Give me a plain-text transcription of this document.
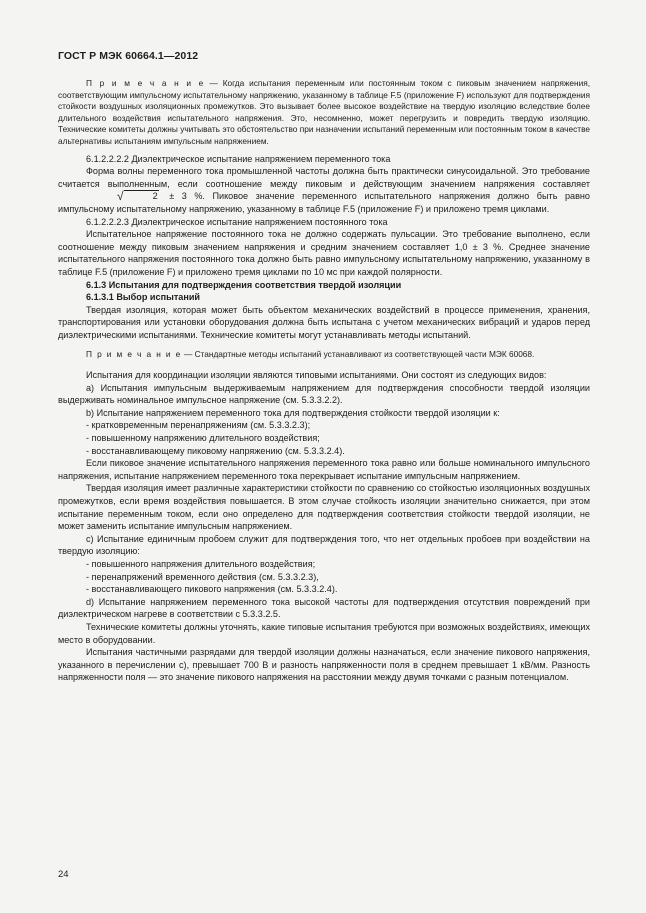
ГОСТ Р МЭК 60664.1—2012

П р и м е ч а н и е — Когда испытания переменным или постоянным током с пиковым значением напряжения, соответствующим импульсному испытательному напряжению, указанному в таблице F.5 (приложение F) используют для подтверждения стойкости воздушных изоляционных промежутков. Это вызывает более высокое воздействие на твердую изоляцию вследствие более длительного воздействия испытательного напряжения. Это, несомненно, может перегрузить и повредить твердую изоляцию. Технические комитеты должны учитывать это обстоятельство при назначении испытаний переменным или постоянным током в качестве альтернативы испытаниям импульсным напряжением.

6.1.2.2.2.2 Диэлектрическое испытание напряжением переменного тока

Форма волны переменного тока промышленной частоты должна быть практически синусоидальной. Это требование считается выполненным, если соотношение между пиковым и действующим значением напряжения составляет √	2 ± 3 %. Пиковое значение переменного испытательного напряжения должно быть равно импульсному испытательному напряжению, указанному в таблице F.5 (приложение F) и приложено тремя циклами.

6.1.2.2.2.3 Диэлектрическое испытание напряжением постоянного тока

Испытательное напряжение постоянного тока не должно содержать пульсации. Это требование выполнено, если соотношение между пиковым значением напряжения и средним значением составляет 1,0 ± 3 %. Среднее значение испытательного напряжения постоянного тока должно быть равно импульсному испытательному напряжению, указанному в таблице F.5 (приложение F) и приложено тремя циклами по 10 мс при каждой полярности.

6.1.3 Испытания для подтверждения соответствия твердой изоляции

6.1.3.1 Выбор испытаний

Твердая изоляция, которая может быть объектом механических воздействий в процессе применения, хранения, транспортирования или установки оборудования должна быть испытана с учетом механических вибраций и ударов перед диэлектрическими испытаниями. Технические комитеты могут устанавливать методы испытаний.

П р и м е ч а н и е — Стандартные методы испытаний устанавливают из соответствующей части МЭК 60068.

Испытания для координации изоляции являются типовыми испытаниями. Они состоят из следующих видов:

a) Испытания импульсным выдерживаемым напряжением для подтверждения способности твердой изоляции выдерживать номинальное импульсное напряжение (см. 5.3.3.2.2).

b) Испытание напряжением переменного тока для подтверждения стойкости твердой изоляции к:

- кратковременным перенапряжениям (см. 5.3.3.2.3);

- повышенному напряжению длительного воздействия;

- восстанавливающему пиковому напряжению (см. 5.3.3.2.4).

Если пиковое значение испытательного напряжения переменного тока равно или больше номинального импульсного напряжения, испытание напряжением переменного тока перекрывает испытание импульсным напряжением.

Твердая изоляция имеет различные характеристики стойкости по сравнению со стойкостью изоляционных воздушных промежутков, если время воздействия повышается. В этом случае стойкость изоляции значительно снижается, при этом испытание переменным током, если оно определено для подтверждения соответствия стойкости твердой изоляции, не может заменить испытание импульсным напряжением.

c) Испытание единичным пробоем служит для подтверждения того, что нет отдельных пробоев при воздействии на твердую изоляцию:

- повышенного напряжения длительного воздействия;

- перенапряжений временного действия (см. 5.3.3.2.3),

- восстанавливающего пикового напряжения (см. 5.3.3.2.4).

d) Испытание напряжением переменного тока высокой частоты для подтверждения отсутствия повреждений при диэлектрическом нагреве в соответствии с 5.3.3.2.5.

Технические комитеты должны уточнять, какие типовые испытания требуются при возможных воздействиях, имеющих место в оборудовании.

Испытания частичными разрядами для твердой изоляции должны назначаться, если значение пикового напряжения, указанного в перечислении c), превышает 700 В и разность напряженности поля в среднем превышает 1 кВ/мм. Разность напряженности поля — это значение пикового напряжения на расстоянии между двумя точками с разным потенциалом.

24
